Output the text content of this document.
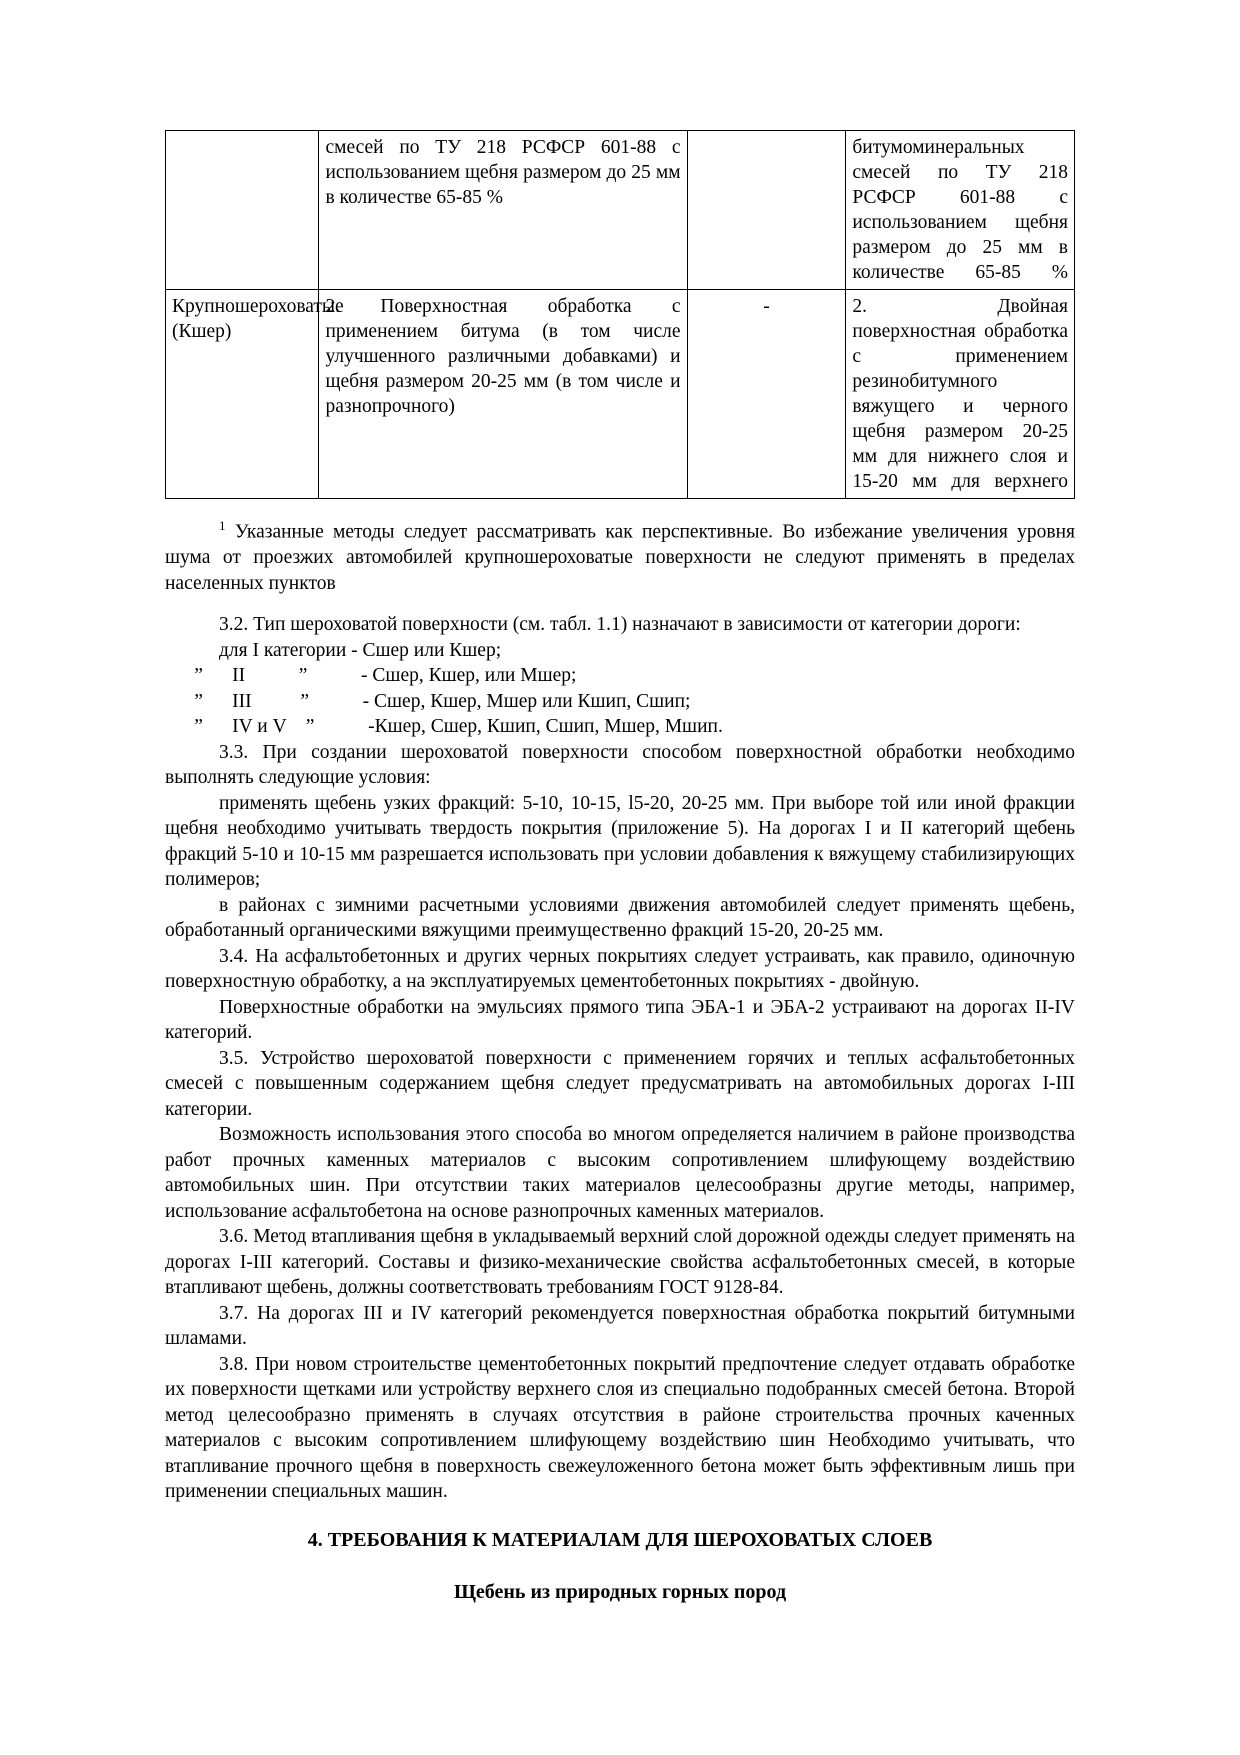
	смесей по ТУ 218 РСФСР 601-88 с использованием щебня размером до 25 мм в количестве 65-85 %		битумоминеральных смесей по ТУ 218 РСФСР 601-88 с использованием щебня размером до 25 мм в количестве 65-85 %
Крупношероховатые (Кшер)	2. Поверхностная обработка с применением битума (в том числе улучшенного различными добавками) и щебня размером 20-25 мм (в том числе и разнопрочного)	-	2. Двойная поверхностная обработка с применением резинобитумного вяжущего и черного щебня размером 20-25 мм для нижнего слоя и 15-20 мм для верхнего

$^1$ Указанные методы следует рассматривать как перспективные. Во избежание увеличения уровня шума от проезжих автомобилей крупношероховатые поверхности не следуют применять в пределах населенных пунктов

3.2. Тип шероховатой поверхности (см. табл. 1.1) назначают в зависимости от категории дороги:

для I категории - Сшер или Кшер;

”      II           ”           - Сшер, Кшер, или Мшер;

”      III          ”           - Сшер, Кшер, Мшер или Кшип, Сшип;

”      IV и V    ”           -Кшер, Сшер, Кшип, Сшип, Мшер, Мшип.

3.3. При создании шероховатой поверхности способом поверхностной обработки необходимо выполнять следующие условия:

применять щебень узких фракций: 5-10, 10-15, l5-20, 20-25 мм. При выборе той или иной фракции щебня необходимо учитывать твердость покрытия (приложение 5). На дорогах I и II категорий щебень фракций 5-10 и 10-15 мм разрешается использовать при условии добавления к вяжущему стабилизирующих полимеров;

в районах с зимними расчетными условиями движения автомобилей следует применять щебень, обработанный органическими вяжущими преимущественно фракций 15-20, 20-25 мм.

3.4. На асфальтобетонных и других черных покрытиях следует устраивать, как правило, одиночную поверхностную обработку, а на эксплуатируемых цементобетонных покрытиях - двойную.

Поверхностные обработки на эмульсиях прямого типа ЭБА-1 и ЭБА-2 устраивают на дорогах II-IV категорий.

3.5. Устройство шероховатой поверхности с применением горячих и теплых асфальтобетонных смесей с повышенным содержанием щебня следует предусматривать на автомобильных дорогах I-III категории.

Возможность использования этого способа во многом определяется наличием в районе производства работ прочных каменных материалов с высоким сопротивлением шлифующему воздействию автомобильных шин. При отсутствии таких материалов целесообразны другие методы, например, использование асфальтобетона на основе разнопрочных каменных материалов.

3.6. Метод втапливания щебня в укладываемый верхний слой дорожной одежды следует применять на дорогах I-III категорий. Составы и физико-механические свойства асфальтобетонных смесей, в которые втапливают щебень, должны соответствовать требованиям ГОСТ 9128-84.

3.7. На дорогах III и IV категорий рекомендуется поверхностная обработка покрытий битумными шламами.

3.8. При новом строительстве цементобетонных покрытий предпочтение следует отдавать обработке их поверхности щетками или устройству верхнего слоя из специально подобранных смесей бетона. Второй метод целесообразно применять в случаях отсутствия в районе строительства прочных каченных материалов с высоким сопротивлением шлифующему воздействию шин Необходимо учитывать, что втапливание прочного щебня в поверхность свежеуложенного бетона может быть эффективным лишь при применении специальных машин.

4. ТРЕБОВАНИЯ К МАТЕРИАЛАМ ДЛЯ ШЕРОХОВАТЫХ СЛОЕВ
Щебень из природных горных пород
